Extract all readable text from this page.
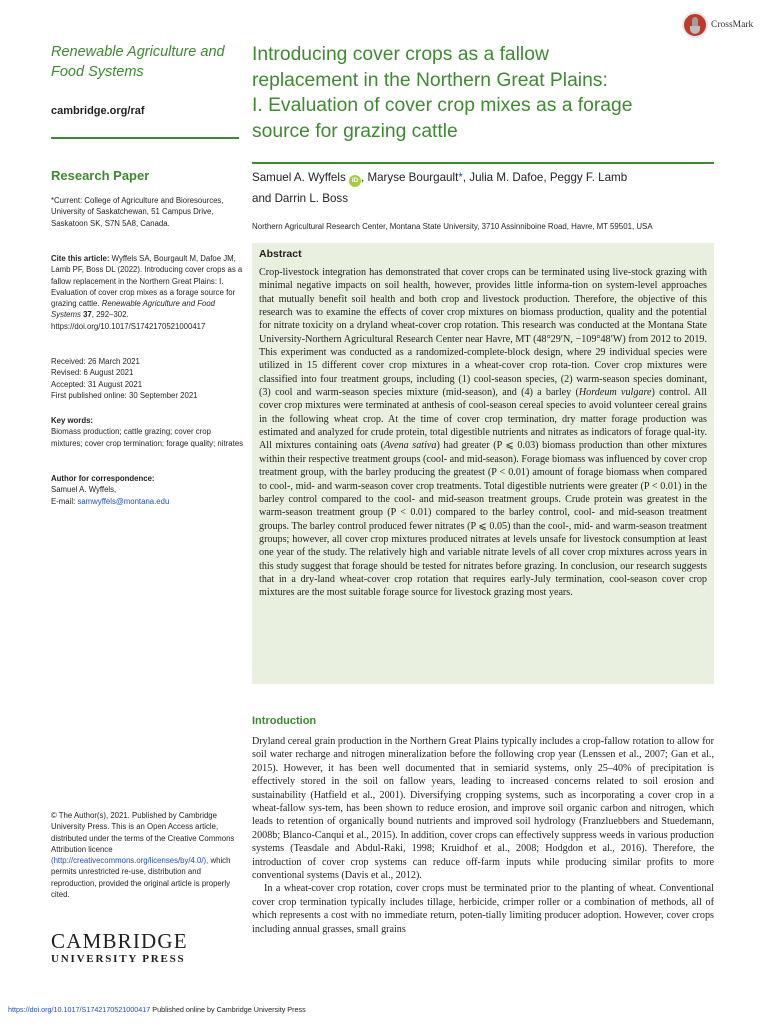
CrossMark
Renewable Agriculture and Food Systems
cambridge.org/raf
Research Paper
*Current: College of Agriculture and Bioresources, University of Saskatchewan, 51 Campus Drive, Saskatoon SK, S7N 5A8, Canada.
Cite this article: Wyffels SA, Bourgault M, Dafoe JM, Lamb PF, Boss DL (2022). Introducing cover crops as a fallow replacement in the Northern Great Plains: I. Evaluation of cover crop mixes as a forage source for grazing cattle. Renewable Agriculture and Food Systems 37, 292–302. https://doi.org/10.1017/S1742170521000417
Received: 26 March 2021
Revised: 6 August 2021
Accepted: 31 August 2021
First published online: 30 September 2021
Key words:
Biomass production; cattle grazing; cover crop mixtures; cover crop termination; forage quality; nitrates
Author for correspondence:
Samuel A. Wyffels,
E-mail: samwyffels@montana.edu
© The Author(s), 2021. Published by Cambridge University Press. This is an Open Access article, distributed under the terms of the Creative Commons Attribution licence (http://creativecommons.org/licenses/by/4.0/), which permits unrestricted re-use, distribution and reproduction, provided the original article is properly cited.
CAMBRIDGE
UNIVERSITY PRESS
Introducing cover crops as a fallow
replacement in the Northern Great Plains:
I. Evaluation of cover crop mixes as a forage
source for grazing cattle
Samuel A. Wyffels iD , Maryse Bourgault*, Julia M. Dafoe, Peggy F. Lamb
and Darrin L. Boss
Northern Agricultural Research Center, Montana State University, 3710 Assinniboine Road, Havre, MT 59501, USA
Abstract
Crop-livestock integration has demonstrated that cover crops can be terminated using live-stock grazing with minimal negative impacts on soil health, however, provides little informa-tion on system-level approaches that mutually benefit soil health and both crop and livestock production. Therefore, the objective of this research was to examine the effects of cover crop mixtures on biomass production, quality and the potential for nitrate toxicity on a dryland wheat-cover crop rotation. This research was conducted at the Montana State University-Northern Agricultural Research Center near Havre, MT (48°29′N, −109°48′W) from 2012 to 2019. This experiment was conducted as a randomized-complete-block design, where 29 individual species were utilized in 15 different cover crop mixtures in a wheat-cover crop rota-tion. Cover crop mixtures were classified into four treatment groups, including (1) cool-season species, (2) warm-season species dominant, (3) cool and warm-season species mixture (mid-season), and (4) a barley (Hordeum vulgare) control. All cover crop mixtures were terminated at anthesis of cool-season cereal species to avoid volunteer cereal grains in the following wheat crop. At the time of cover crop termination, dry matter forage production was estimated and analyzed for crude protein, total digestible nutrients and nitrates as indicators of forage qual-ity. All mixtures containing oats (Avena sativa) had greater (P ⩽ 0.03) biomass production than other mixtures within their respective treatment groups (cool- and mid-season). Forage biomass was influenced by cover crop treatment group, with the barley producing the greatest (P < 0.01) amount of forage biomass when compared to cool-, mid- and warm-season cover crop treatments. Total digestible nutrients were greater (P < 0.01) in the barley control compared to the cool- and mid-season treatment groups. Crude protein was greatest in the warm-season treatment group (P < 0.01) compared to the barley control, cool- and mid-season treatment groups. The barley control produced fewer nitrates (P ⩽ 0.05) than the cool-, mid- and warm-season treatment groups; however, all cover crop mixtures produced nitrates at levels unsafe for livestock consumption at least one year of the study. The relatively high and variable nitrate levels of all cover crop mixtures across years in this study suggest that forage should be tested for nitrates before grazing. In conclusion, our research suggests that in a dry-land wheat-cover crop rotation that requires early-July termination, cool-season cover crop mixtures are the most suitable forage source for livestock grazing most years.
Introduction

Dryland cereal grain production in the Northern Great Plains typically includes a crop-fallow rotation to allow for soil water recharge and nitrogen mineralization before the following crop year (Lenssen et al., 2007; Gan et al., 2015). However, it has been well documented that in semiarid systems, only 25–40% of precipitation is effectively stored in the soil on fallow years, leading to increased concerns related to soil erosion and sustainability (Hatfield et al., 2001). Diversifying cropping systems, such as incorporating a cover crop in a wheat-fallow sys-tem, has been shown to reduce erosion, and improve soil organic carbon and nitrogen, which leads to retention of organically bound nutrients and improved soil hydrology (Franzluebbers and Stuedemann, 2008b; Blanco-Canqui et al., 2015). In addition, cover crops can effectively suppress weeds in various production systems (Teasdale and Abdul-Raki, 1998; Kruidhof et al., 2008; Hodgdon et al., 2016). Therefore, the introduction of cover crop systems can reduce off-farm inputs while producing similar profits to more conventional systems (Davis et al., 2012).

In a wheat-cover crop rotation, cover crops must be terminated prior to the planting of wheat. Conventional cover crop termination typically includes tillage, herbicide, crimper roller or a combination of methods, all of which represents a cost with no immediate return, poten-tially limiting producer adoption. However, cover crops including annual grasses, small grains

https://doi.org/10.1017/S1742170521000417 Published online by Cambridge University Press
